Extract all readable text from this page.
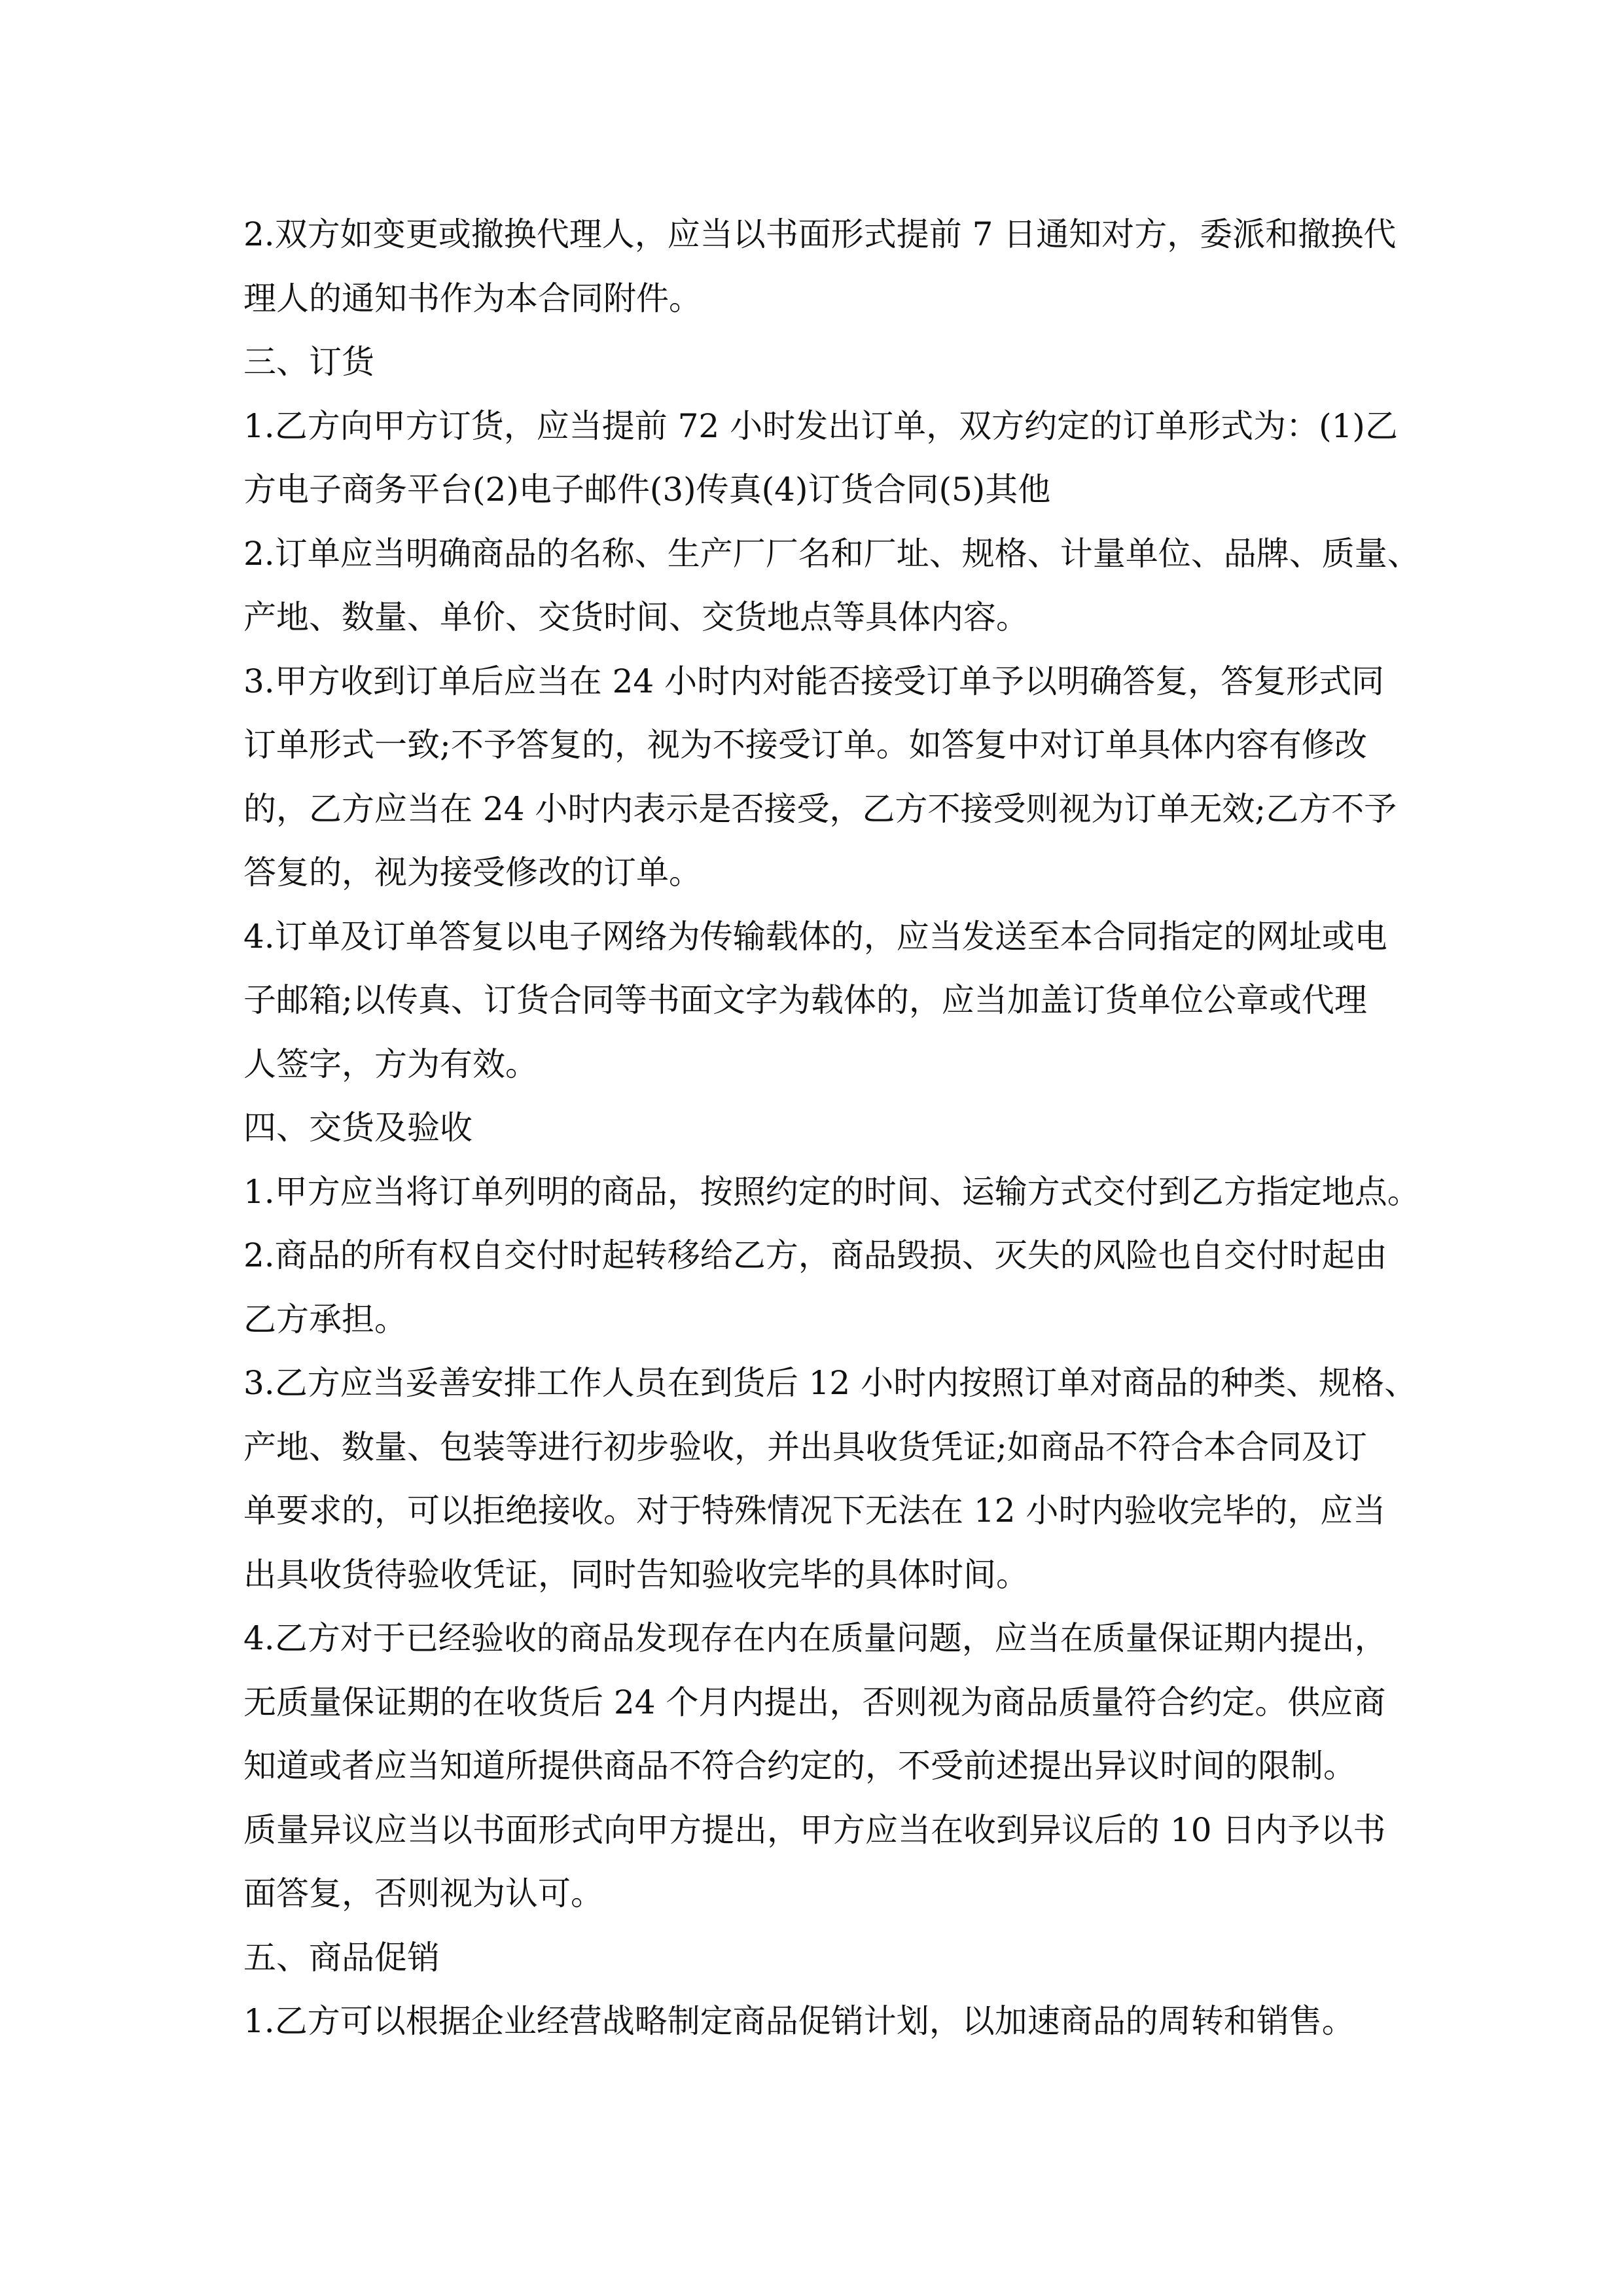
2.双方如变更或撤换代理人，应当以书面形式提前 7 日通知对方，委派和撤换代

理人的通知书作为本合同附件。

三、订货

1.乙方向甲方订货，应当提前 72 小时发出订单，双方约定的订单形式为：(1)乙

方电子商务平台(2)电子邮件(3)传真(4)订货合同(5)其他

2.订单应当明确商品的名称、生产厂厂名和厂址、规格、计量单位、品牌、质量、

产地、数量、单价、交货时间、交货地点等具体内容。

3.甲方收到订单后应当在 24 小时内对能否接受订单予以明确答复，答复形式同

订单形式一致;不予答复的，视为不接受订单。如答复中对订单具体内容有修改

的，乙方应当在 24 小时内表示是否接受，乙方不接受则视为订单无效;乙方不予

答复的，视为接受修改的订单。

4.订单及订单答复以电子网络为传输载体的，应当发送至本合同指定的网址或电

子邮箱;以传真、订货合同等书面文字为载体的，应当加盖订货单位公章或代理

人签字，方为有效。

四、交货及验收

1.甲方应当将订单列明的商品，按照约定的时间、运输方式交付到乙方指定地点。

2.商品的所有权自交付时起转移给乙方，商品毁损、灭失的风险也自交付时起由

乙方承担。

3.乙方应当妥善安排工作人员在到货后 12 小时内按照订单对商品的种类、规格、

产地、数量、包装等进行初步验收，并出具收货凭证;如商品不符合本合同及订

单要求的，可以拒绝接收。对于特殊情况下无法在 12 小时内验收完毕的，应当

出具收货待验收凭证，同时告知验收完毕的具体时间。

4.乙方对于已经验收的商品发现存在内在质量问题，应当在质量保证期内提出，

无质量保证期的在收货后 24 个月内提出，否则视为商品质量符合约定。供应商

知道或者应当知道所提供商品不符合约定的，不受前述提出异议时间的限制。

质量异议应当以书面形式向甲方提出，甲方应当在收到异议后的 10 日内予以书

面答复，否则视为认可。

五、商品促销

1.乙方可以根据企业经营战略制定商品促销计划，以加速商品的周转和销售。
